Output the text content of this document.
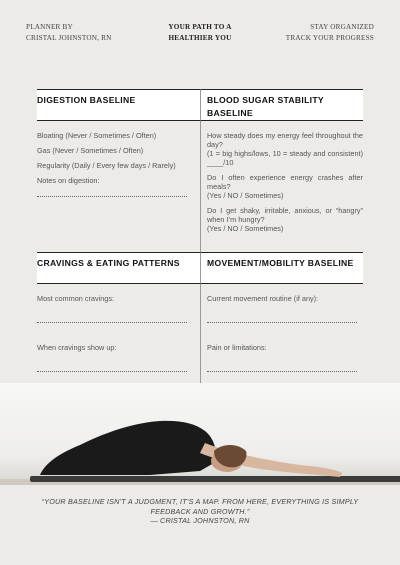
PLANNER BY
CRISTAL JOHNSTON, RN
YOUR PATH TO A
HEALTHIER YOU
STAY ORGANIZED
TRACK YOUR PROGRESS
DIGESTION BASELINE
Bloating (Never / Sometimes / Often)
Gas (Never / Sometimes / Often)
Regularity (Daily / Every few days / Rarely)
Notes on digestion:
BLOOD SUGAR STABILITY BASELINE
How steady does my energy feel throughout the day?
(1 = big highs/lows, 10 = steady and consistent) ____/10
Do I often experience energy crashes after meals?
(Yes / NO / Sometimes)
Do I get shaky, irritable, anxious, or “hangry” when I’m hungry?
(Yes / NO / Sometimes)
CRAVINGS & EATING PATTERNS
Most common cravings:
When cravings show up:
MOVEMENT/MOBILITY BASELINE
Current movement routine (if any):
Pain or limitations:
“YOUR BASELINE ISN’T A JUDGMENT, IT’S A MAP. FROM HERE, EVERYTHING IS SIMPLY FEEDBACK AND GROWTH.”
— CRISTAL JOHNSTON, RN
